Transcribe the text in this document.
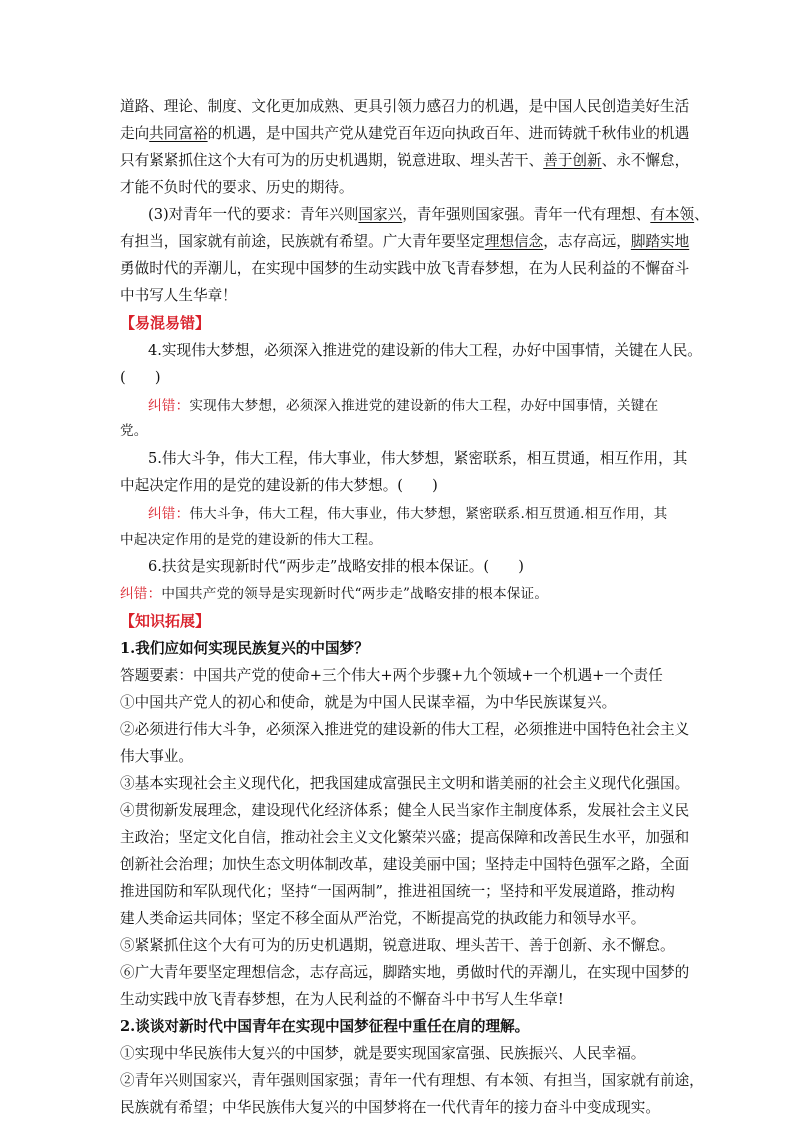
道路、理论、制度、文化更加成熟、更具引领力感召力的机遇，是中国人民创造美好生活
走向共同富裕的机遇，是中国共产党从建党百年迈向执政百年、进而铸就千秋伟业的机遇
只有紧紧抓住这个大有可为的历史机遇期，锐意进取、埋头苦干、善于创新、永不懈怠，
才能不负时代的要求、历史的期待。
(3)对青年一代的要求：青年兴则国家兴，青年强则国家强。青年一代有理想、有本领、
有担当，国家就有前途，民族就有希望。广大青年要坚定理想信念，志存高远，脚踏实地
勇做时代的弄潮儿，在实现中国梦的生动实践中放飞青春梦想，在为人民利益的不懈奋斗
中书写人生华章！
【易混易错】
4.实现伟大梦想，必须深入推进党的建设新的伟大工程，办好中国事情，关键在人民。
(　　)
纠错：实现伟大梦想，必须深入推进党的建设新的伟大工程，办好中国事情，关键在
党。
5.伟大斗争，伟大工程，伟大事业，伟大梦想，紧密联系，相互贯通，相互作用，其
中起决定作用的是党的建设新的伟大梦想。(　　)
纠错：伟大斗争，伟大工程，伟大事业，伟大梦想，紧密联系.相互贯通.相互作用，其
中起决定作用的是党的建设新的伟大工程。
6.扶贫是实现新时代“两步走”战略安排的根本保证。(　　)
纠错：中国共产党的领导是实现新时代“两步走”战略安排的根本保证。
【知识拓展】
1.我们应如何实现民族复兴的中国梦？
答题要素：中国共产党的使命+三个伟大+两个步骤+九个领域+一个机遇+一个责任
①中国共产党人的初心和使命，就是为中国人民谋幸福，为中华民族谋复兴。
②必须进行伟大斗争，必须深入推进党的建设新的伟大工程，必须推进中国特色社会主义
伟大事业。
③基本实现社会主义现代化，把我国建成富强民主文明和谐美丽的社会主义现代化强国。
④贯彻新发展理念，建设现代化经济体系；健全人民当家作主制度体系，发展社会主义民
主政治；坚定文化自信，推动社会主义文化繁荣兴盛；提高保障和改善民生水平，加强和
创新社会治理；加快生态文明体制改革，建设美丽中国；坚持走中国特色强军之路，全面
推进国防和军队现代化；坚持“一国两制”，推进祖国统一；坚持和平发展道路，推动构
建人类命运共同体；坚定不移全面从严治党，不断提高党的执政能力和领导水平。
⑤紧紧抓住这个大有可为的历史机遇期，锐意进取、埋头苦干、善于创新、永不懈怠。
⑥广大青年要坚定理想信念，志存高远，脚踏实地，勇做时代的弄潮儿，在实现中国梦的
生动实践中放飞青春梦想，在为人民利益的不懈奋斗中书写人生华章!
2.谈谈对新时代中国青年在实现中国梦征程中重任在肩的理解。
①实现中华民族伟大复兴的中国梦，就是要实现国家富强、民族振兴、人民幸福。
②青年兴则国家兴，青年强则国家强；青年一代有理想、有本领、有担当，国家就有前途，
民族就有希望；中华民族伟大复兴的中国梦将在一代代青年的接力奋斗中变成现实。
